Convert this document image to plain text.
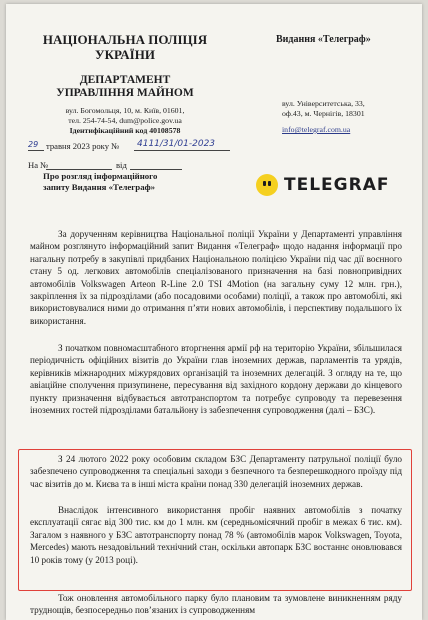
НАЦІОНАЛЬНА ПОЛІЦІЯ
УКРАЇНИ
ДЕПАРТАМЕНТ
УПРАВЛІННЯ МАЙНОМ
вул. Богомольця, 10, м. Київ, 01601,
тел. 254-74-54, dum@police.gov.ua
Ідентифікаційний код 40108578
Видання «Телеграф»
вул. Університетська, 33,
оф.43, м. Чернігів, 18301
info@telegraf.com.ua
29 травня 2023 року № 4111/31/01-2023
На №	від
Про розгляд інформаційного
запиту Видання «Телеграф»	TELEGRAF
За дорученням керівництва Національної поліції України у Департаменті управління майном розглянуто інформаційний запит Видання «Телеграф» щодо надання інформації про нагальну потребу в закупівлі придбаних Національною поліцією України під час дії воєнного стану 5 од. легкових автомобілів спеціалізованого призначення на базі повнопривідних автомобілів Volkswagen Arteon R-Line 2.0 TSI 4Motion (на загальну суму 12 млн. грн.), закріплення їх за підрозділами (або посадовими особами) поліції, а також про автомобілі, які використовувалися ними до отримання п’яти нових автомобілів, і перспективу подальшого їх використання.
З початком повномасштабного вторгнення армії рф на територію України, збільшилася періодичність офіційних візитів до України глав іноземних держав, парламентів та урядів, керівників міжнародних міжурядових організацій та іноземних делегацій. З огляду на те, що авіаційне сполучення призупинене, пересування від західного кордону держави до кінцевого пункту призначення відбувається автотранспортом та потребує супроводу та перевезення іноземних гостей підрозділами батальйону із забезпечення супроводження (далі – БЗС).
З 24 лютого 2022 року особовим складом БЗС Департаменту патрульної поліції було забезпечено супроводження та спеціальні заходи з безпечного та безперешкодного проїзду під час візитів до м. Києва та в інші міста країни понад 330 делегацій іноземних держав.
Внаслідок інтенсивного використання пробіг наявних автомобілів з початку експлуатації сягає від 300 тис. км до 1 млн. км (середньомісячний пробіг в межах 6 тис. км). Загалом з наявного у БЗС автотранспорту понад 78 % (автомобілів марок Volkswagen, Toyota, Mercedes) мають незадовільний технічний стан, оскільки автопарк БЗС востаннє оновлювався 10 років тому (у 2013 році).
Тож оновлення автомобільного парку було плановим та зумовлене виникненням ряду труднощів, безпосередньо пов’язаних із супроводженням
